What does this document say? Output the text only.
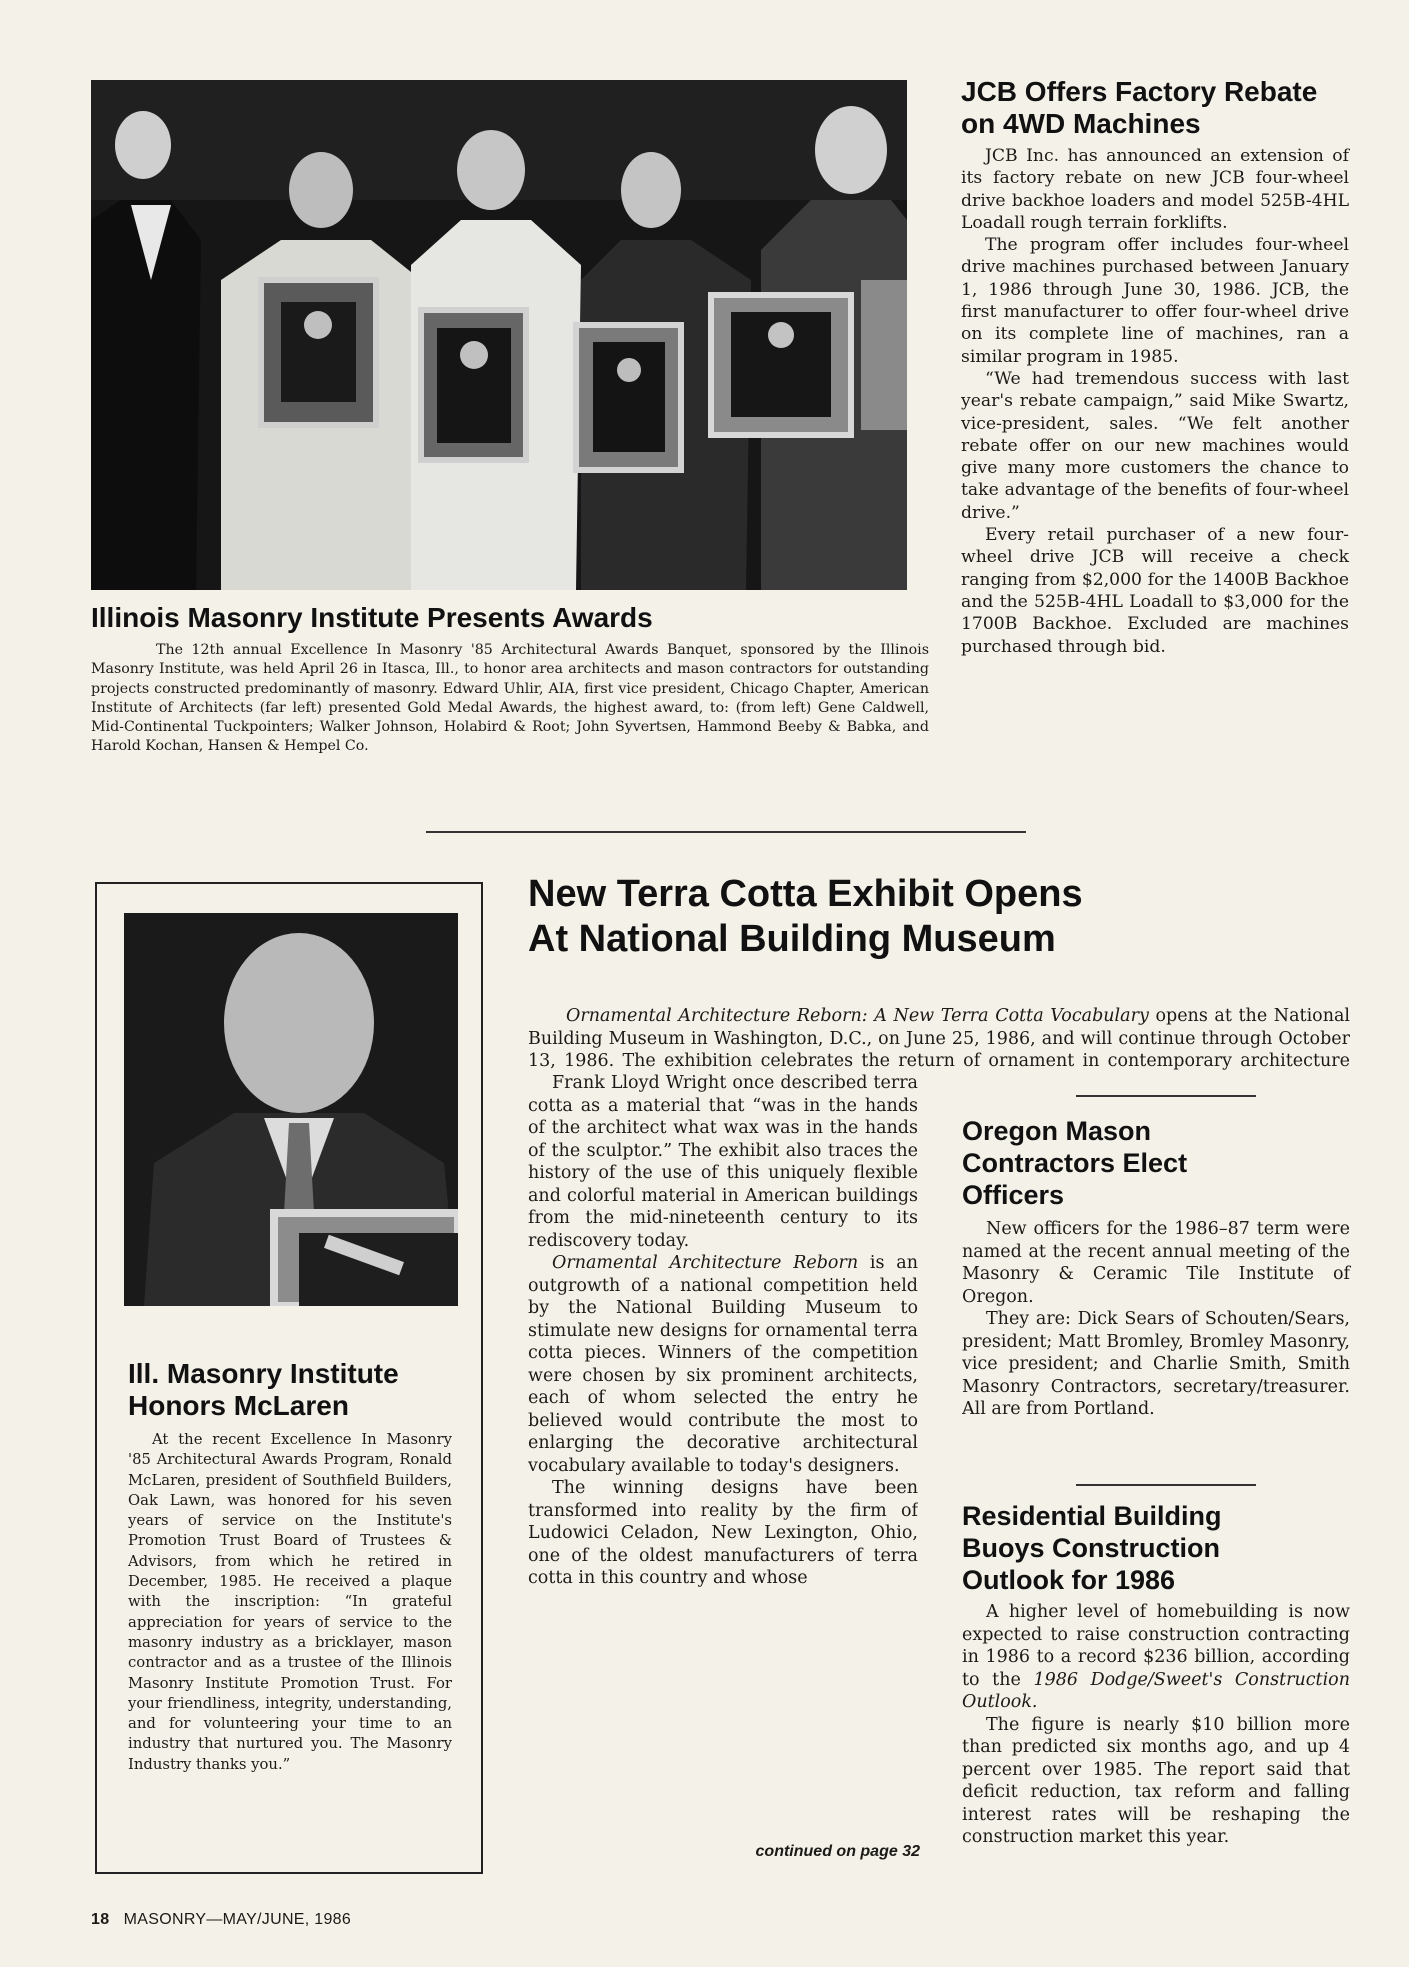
Illinois Masonry Institute Presents Awards

The 12th annual Excellence In Masonry '85 Architectural Awards Banquet, sponsored by the Illinois Masonry Institute, was held April 26 in Itasca, Ill., to honor area architects and mason contractors for outstanding projects constructed predominantly of masonry. Edward Uhlir, AIA, first vice president, Chicago Chapter, American Institute of Architects (far left) presented Gold Medal Awards, the highest award, to: (from left) Gene Caldwell, Mid-Continental Tuckpointers; Walker Johnson, Holabird & Root; John Syvertsen, Hammond Beeby & Babka, and Harold Kochan, Hansen & Hempel Co.

JCB Offers Factory Rebate on 4WD Machines

JCB Inc. has announced an extension of its factory rebate on new JCB four-wheel drive backhoe loaders and model 525B-4HL Loadall rough terrain forklifts.

The program offer includes four-wheel drive machines purchased between January 1, 1986 through June 30, 1986. JCB, the first manufacturer to offer four-wheel drive on its complete line of machines, ran a similar program in 1985.

“We had tremendous success with last year's rebate campaign,” said Mike Swartz, vice-president, sales. “We felt another rebate offer on our new machines would give many more customers the chance to take advantage of the benefits of four-wheel drive.”

Every retail purchaser of a new four-wheel drive JCB will receive a check ranging from $2,000 for the 1400B Backhoe and the 525B-4HL Loadall to $3,000 for the 1700B Backhoe. Excluded are machines purchased through bid.

Ill. Masonry Institute Honors McLaren

At the recent Excellence In Masonry '85 Architectural Awards Program, Ronald McLaren, president of Southfield Builders, Oak Lawn, was honored for his seven years of service on the Institute's Promotion Trust Board of Trustees & Advisors, from which he retired in December, 1985. He received a plaque with the inscription: “In grateful appreciation for years of service to the masonry industry as a bricklayer, mason contractor and as a trustee of the Illinois Masonry Institute Promotion Trust. For your friendliness, integrity, understanding, and for volunteering your time to an industry that nurtured you. The Masonry Industry thanks you.”

New Terra Cotta Exhibit Opens
At National Building Museum

Ornamental Architecture Reborn: A New Terra Cotta Vocabulary opens at the National Building Museum in Washington, D.C., on June 25, 1986, and will continue through October 13, 1986. The exhibition celebrates the return of ornament in contemporary architecture

Frank Lloyd Wright once described terra cotta as a material that “was in the hands of the architect what wax was in the hands of the sculptor.” The exhibit also traces the history of the use of this uniquely flexible and colorful material in American buildings from the mid-nineteenth century to its rediscovery today.

Ornamental Architecture Reborn is an outgrowth of a national competition held by the National Building Museum to stimulate new designs for ornamental terra cotta pieces. Winners of the competition were chosen by six prominent architects, each of whom selected the entry he believed would contribute the most to enlarging the decorative architectural vocabulary available to today's designers.

The winning designs have been transformed into reality by the firm of Ludowici Celadon, New Lexington, Ohio, one of the oldest manufacturers of terra cotta in this country and whose

continued on page 32

Oregon Mason Contractors Elect Officers

New officers for the 1986–87 term were named at the recent annual meeting of the Masonry & Ceramic Tile Institute of Oregon.

They are: Dick Sears of Schouten/Sears, president; Matt Bromley, Bromley Masonry, vice president; and Charlie Smith, Smith Masonry Contractors, secretary/treasurer. All are from Portland.

Residential Building Buoys Construction Outlook for 1986

A higher level of homebuilding is now expected to raise construction contracting in 1986 to a record $236 billion, according to the 1986 Dodge/Sweet's Construction Outlook.

The figure is nearly $10 billion more than predicted six months ago, and up 4 percent over 1985. The report said that deficit reduction, tax reform and falling interest rates will be reshaping the construction market this year.

18 MASONRY—MAY/JUNE, 1986
